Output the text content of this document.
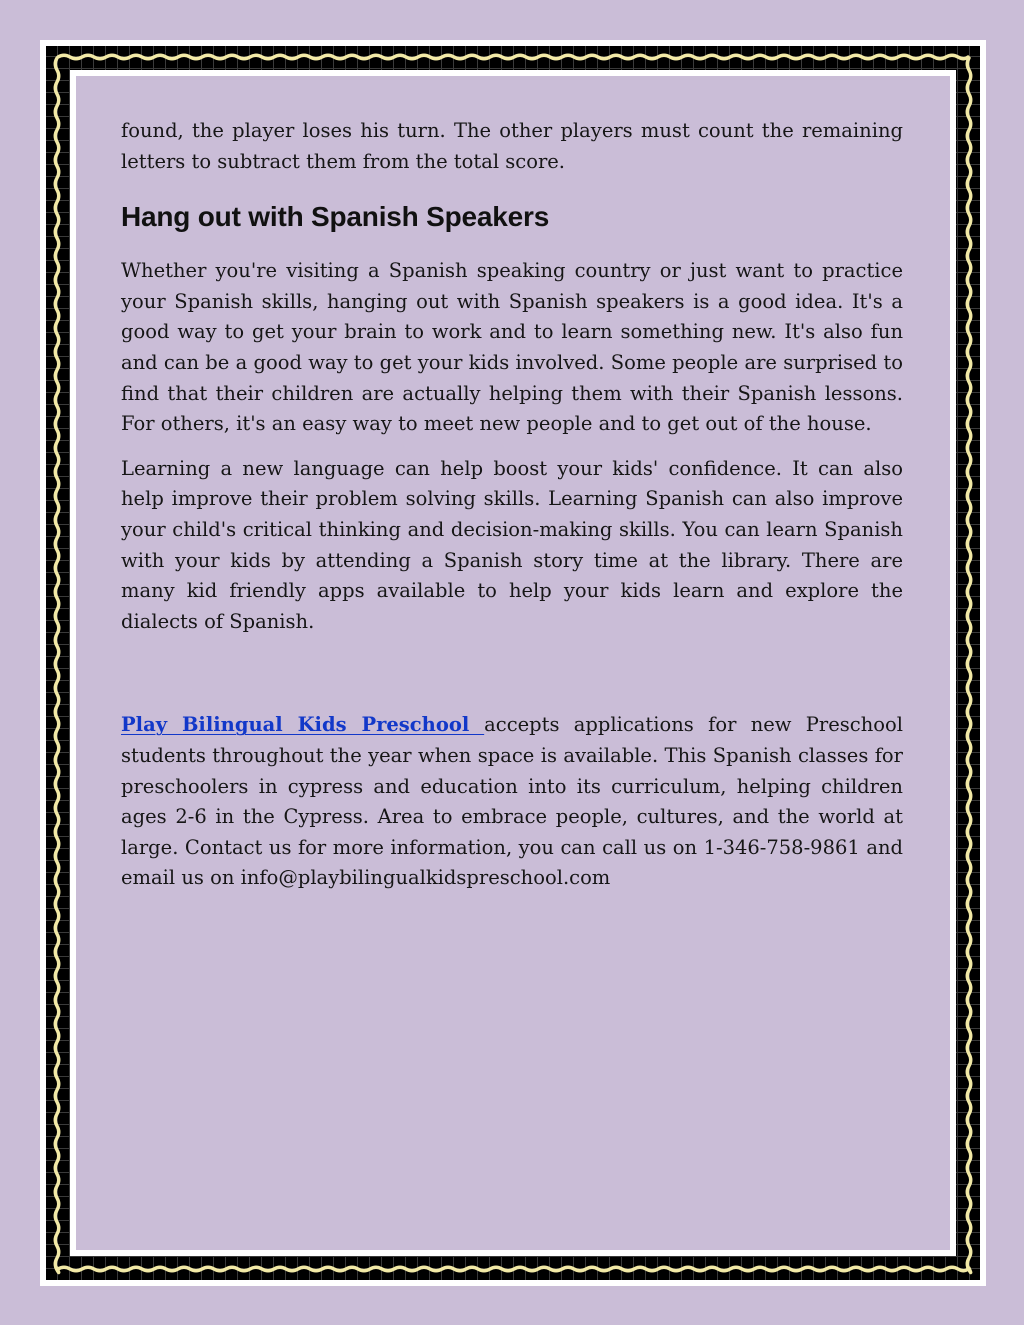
found, the player loses his turn. The other players must count the remaining letters to subtract them from the total score.

Hang out with Spanish Speakers

Whether you're visiting a Spanish speaking country or just want to practice your Spanish skills, hanging out with Spanish speakers is a good idea. It's a good way to get your brain to work and to learn something new. It's also fun and can be a good way to get your kids involved. Some people are surprised to find that their children are actually helping them with their Spanish lessons. For others, it's an easy way to meet new people and to get out of the house.

Learning a new language can help boost your kids' confidence. It can also help improve their problem solving skills. Learning Spanish can also improve your child's critical thinking and decision-making skills. You can learn Spanish with your kids by attending a Spanish story time at the library. There are many kid friendly apps available to help your kids learn and explore the dialects of Spanish.

Play Bilingual Kids Preschool accepts applications for new Preschool students throughout the year when space is available. This Spanish classes for preschoolers in cypress and education into its curriculum, helping children ages 2-6 in the Cypress. Area to embrace people, cultures, and the world at large. Contact us for more information, you can call us on 1-346-758-9861 and email us on info@playbilingualkidspreschool.com
